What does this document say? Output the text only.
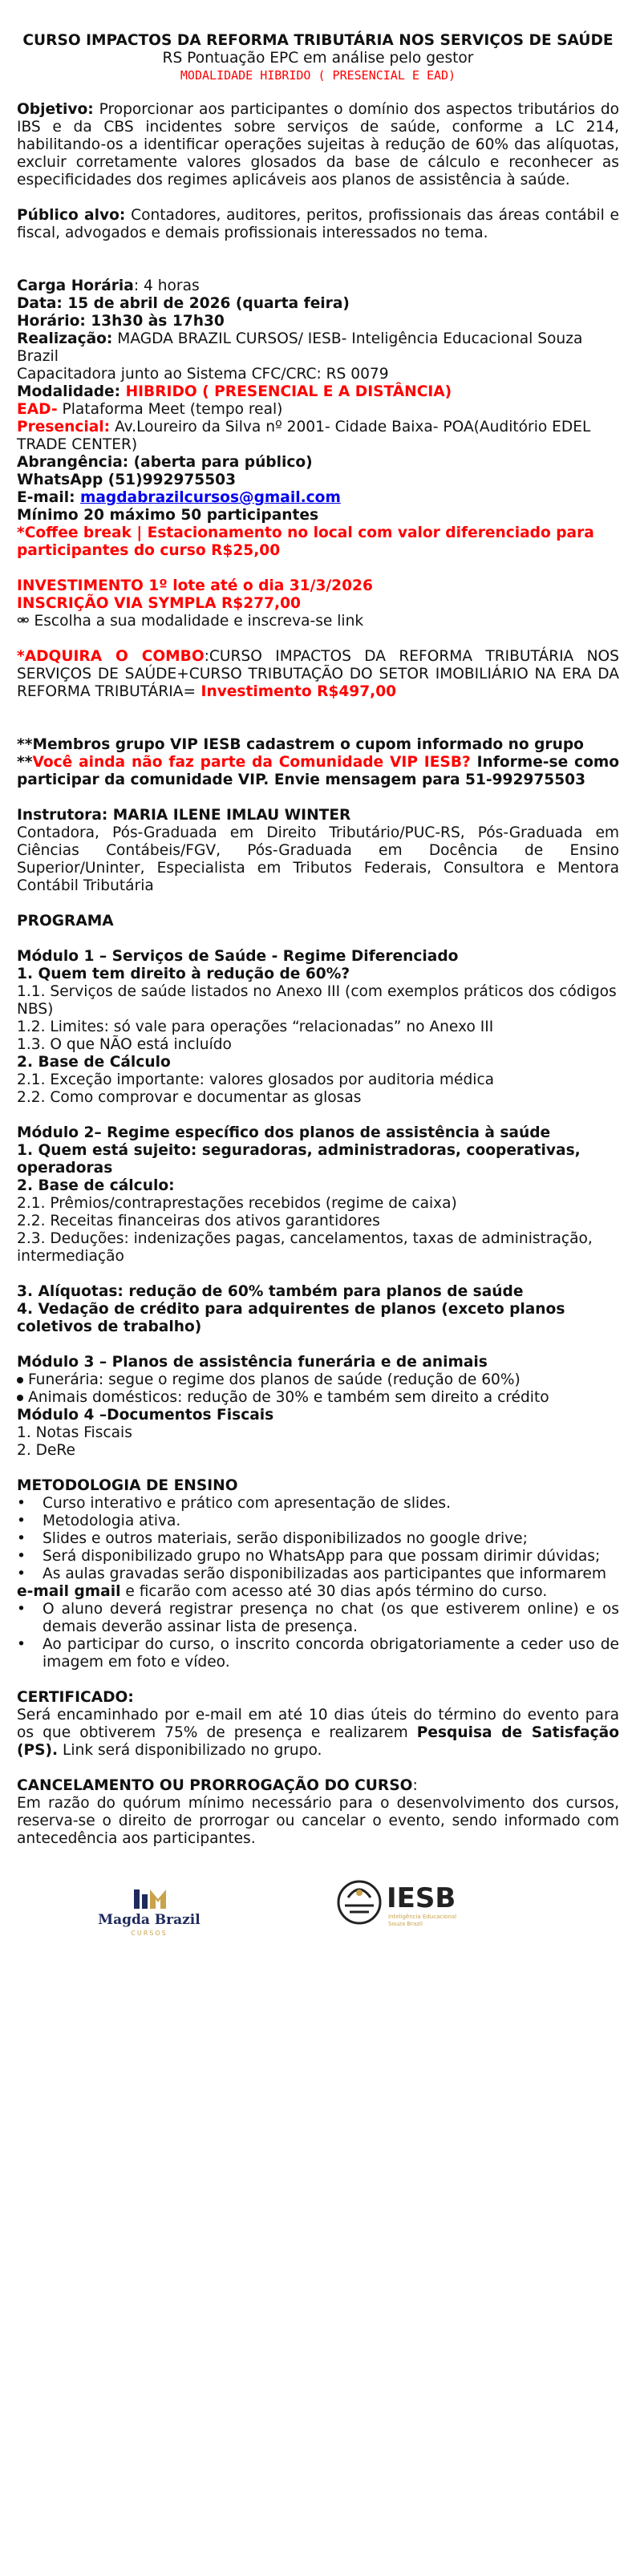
CURSO IMPACTOS DA REFORMA TRIBUTÁRIA NOS SERVIÇOS DE SAÚDE
RS Pontuação EPC em análise pelo gestor
MODALIDADE HIBRIDO ( PRESENCIAL E EAD)
Objetivo: Proporcionar aos participantes o domínio dos aspectos tributários do IBS e da CBS incidentes sobre serviços de saúde, conforme a LC 214, habilitando-os a identificar operações sujeitas à redução de 60% das alíquotas, excluir corretamente valores glosados da base de cálculo e reconhecer as especificidades dos regimes aplicáveis aos planos de assistência à saúde.
Público alvo: Contadores, auditores, peritos, profissionais das áreas contábil e fiscal, advogados e demais profissionais interessados no tema.
Carga Horária: 4 horas
Data: 15 de abril de 2026 (quarta feira)
Horário: 13h30 às 17h30
Realização: MAGDA BRAZIL CURSOS/ IESB- Inteligência Educacional Souza Brazil
Capacitadora junto ao Sistema CFC/CRC: RS 0079
Modalidade: HIBRIDO ( PRESENCIAL E A DISTÂNCIA)
EAD- Plataforma Meet (tempo real)
Presencial: Av.Loureiro da Silva nº 2001- Cidade Baixa- POA(Auditório EDEL TRADE CENTER)
Abrangência: (aberta para público)
WhatsApp (51)992975503
E-mail: magdabrazilcursos@gmail.com
Mínimo 20 máximo 50 participantes
*Coffee break | Estacionamento no local com valor diferenciado para participantes do curso R$25,00
INVESTIMENTO 1º lote até o dia 31/3/2026
INSCRIÇÃO VIA SYMPLA R$277,00
⚮ Escolha a sua modalidade e inscreva-se link
*ADQUIRA O COMBO:CURSO IMPACTOS DA REFORMA TRIBUTÁRIA NOS SERVIÇOS DE SAÚDE+CURSO TRIBUTAÇÃO DO SETOR IMOBILIÁRIO NA ERA DA REFORMA TRIBUTÁRIA= Investimento R$497,00
**Membros grupo VIP IESB cadastrem o cupom informado no grupo
**Você ainda não faz parte da Comunidade VIP IESB? Informe-se como participar da comunidade VIP. Envie mensagem para 51-992975503
Instrutora: MARIA ILENE IMLAU WINTER
Contadora, Pós-Graduada em Direito Tributário/PUC-RS, Pós-Graduada em Ciências Contábeis/FGV, Pós-Graduada em Docência de Ensino Superior/Uninter, Especialista em Tributos Federais, Consultora e Mentora Contábil Tributária
PROGRAMA
Módulo 1 – Serviços de Saúde - Regime Diferenciado
1. Quem tem direito à redução de 60%?
1.1. Serviços de saúde listados no Anexo III (com exemplos práticos dos códigos NBS)
1.2. Limites: só vale para operações “relacionadas” no Anexo III
1.3. O que NÃO está incluído
2. Base de Cálculo
2.1. Exceção importante: valores glosados por auditoria médica
2.2. Como comprovar e documentar as glosas
Módulo 2– Regime específico dos planos de assistência à saúde
1. Quem está sujeito: seguradoras, administradoras, cooperativas, operadoras
2. Base de cálculo:
2.1. Prêmios/contraprestações recebidos (regime de caixa)
2.2. Receitas financeiras dos ativos garantidores
2.3. Deduções: indenizações pagas, cancelamentos, taxas de administração, intermediação
3. Alíquotas: redução de 60% também para planos de saúde
4. Vedação de crédito para adquirentes de planos (exceto planos coletivos de trabalho)
Módulo 3 – Planos de assistência funerária e de animais
Funerária: segue o regime dos planos de saúde (redução de 60%)
Animais domésticos: redução de 30% e também sem direito a crédito
Módulo 4 –Documentos Fiscais
1. Notas Fiscais
2. DeRe
METODOLOGIA DE ENSINO
• Curso interativo e prático com apresentação de slides.
• Metodologia ativa.
• Slides e outros materiais, serão disponibilizados no google drive;
• Será disponibilizado grupo no WhatsApp para que possam dirimir dúvidas;
• As aulas gravadas serão disponibilizadas aos participantes que informarem
e-mail gmail e ficarão com acesso até 30 dias após término do curso.
• O aluno deverá registrar presença no chat (os que estiverem online) e os demais deverão assinar lista de presença.
• Ao participar do curso, o inscrito concorda obrigatoriamente a ceder uso de imagem em foto e vídeo.
CERTIFICADO:
Será encaminhado por e-mail em até 10 dias úteis do término do evento para os que obtiverem 75% de presença e realizarem Pesquisa de Satisfação (PS). Link será disponibilizado no grupo.
CANCELAMENTO OU PRORROGAÇÃO DO CURSO:
Em razão do quórum mínimo necessário para o desenvolvimento dos cursos, reserva-se o direito de prorrogar ou cancelar o evento, sendo informado com antecedência aos participantes.
Magda Brazil
CURSOS
IESB
Inteligência Educacional
Souza Brazil
